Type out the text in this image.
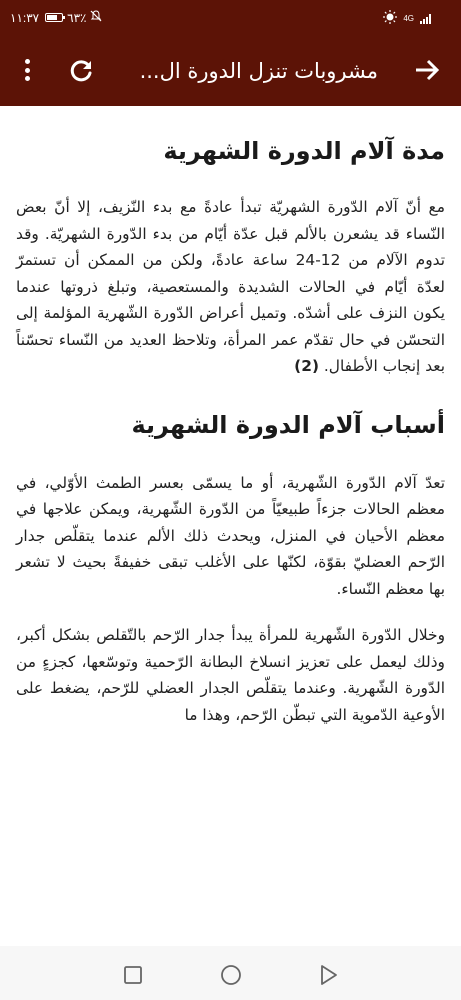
١١:٣٧ ٦٣٪	4G
مشروبات تنزل الدورة ال...
مدة آلام الدورة الشهرية

مع أنّ آلام الدّورة الشهريّة تبدأ عادةً مع بدء النّزيف، إلا أنّ بعض النّساء قد يشعرن بالألم قبل عدّة أيّام من بدء الدّورة الشهريّة. وقد تدوم الآلام من 12-24 ساعة عادةً، ولكن من الممكن أن تستمرّ لعدّة أيّام في الحالات الشديدة والمستعصية، وتبلغ ذروتها عندما يكون النزف على أشدّه. وتميل أعراض الدّورة الشّهرية المؤلمة إلى التحسّن في حال تقدّم عمر المرأة، وتلاحظ العديد من النّساء تحسّناً بعد إنجاب الأطفال. (2)

أسباب آلام الدورة الشهرية

تعدّ آلام الدّورة الشّهرية، أو ما يسمّى بعسر الطمث الأوّلي، في معظم الحالات جزءاً طبيعيّاً من الدّورة الشّهرية، ويمكن علاجها في معظم الأحيان في المنزل، ويحدث ذلك الألم عندما يتقلّص جدار الرّحم العضليّ بقوّة، لكنّها على الأغلب تبقى خفيفةً بحيث لا تشعر بها معظم النّساء.

وخلال الدّورة الشّهرية للمرأة يبدأ جدار الرّحم بالتّقلص بشكل أكبر، وذلك ليعمل على تعزيز انسلاخ البطانة الرّحمية وتوسّعها، كجزءٍ من الدّورة الشّهرية. وعندما يتقلّص الجدار العضلي للرّحم، يضغط على الأوعية الدّموية التي تبطّن الرّحم، وهذا ما
